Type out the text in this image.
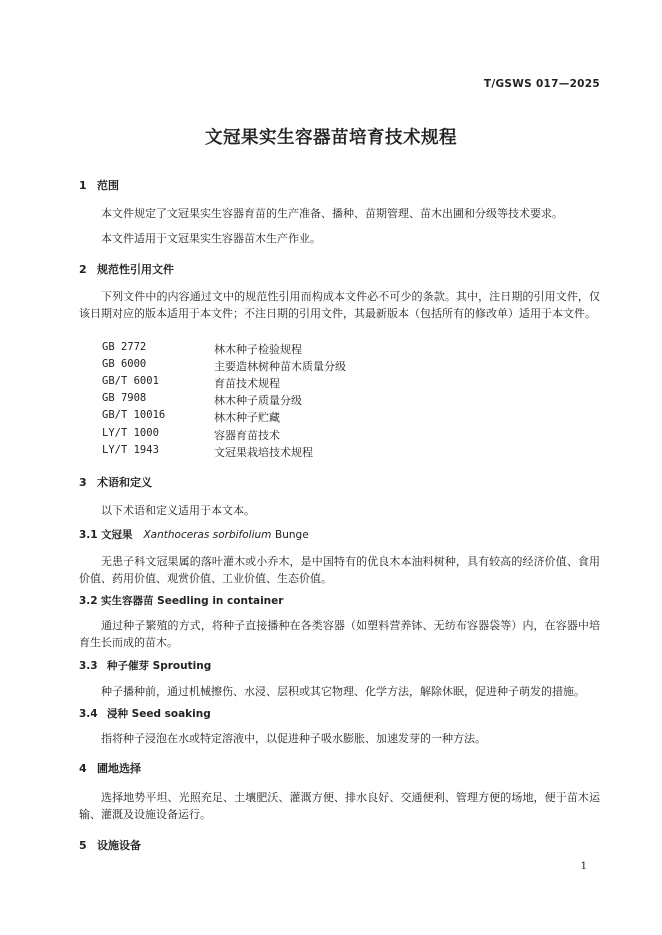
T/GSWS 017—2025
文冠果实生容器苗培育技术规程
1 范围
本文件规定了文冠果实生容器育苗的生产准备、播种、苗期管理、苗木出圃和分级等技术要求。
本文件适用于文冠果实生容器苗木生产作业。
2 规范性引用文件
下列文件中的内容通过文中的规范性引用而构成本文件必不可少的条款。其中，注日期的引用文件，仅该日期对应的版本适用于本文件；不注日期的引用文件，其最新版本（包括所有的修改单）适用于本文件。
GB 2772	林木种子检验规程
GB 6000	主要造林树种苗木质量分级
GB/T 6001	育苗技术规程
GB 7908	林木种子质量分级
GB/T 10016	林木种子贮藏
LY/T 1000	容器育苗技术
LY/T 1943	文冠果栽培技术规程
3 术语和定义
以下术语和定义适用于本文本。
3.1 文冠果 Xanthoceras sorbifolium Bunge
无患子科文冠果属的落叶灌木或小乔木，是中国特有的优良木本油料树种，具有较高的经济价值、食用价值、药用价值、观赏价值、工业价值、生态价值。
3.2 实生容器苗 Seedling in container
通过种子繁殖的方式，将种子直接播种在各类容器（如塑料营养钵、无纺布容器袋等）内，在容器中培育生长而成的苗木。
3.3 种子催芽 Sprouting
种子播种前，通过机械擦伤、水浸、层积或其它物理、化学方法，解除休眠，促进种子萌发的措施。
3.4 浸种 Seed soaking
指将种子浸泡在水或特定溶液中，以促进种子吸水膨胀、加速发芽的一种方法。
4 圃地选择
选择地势平坦、光照充足、土壤肥沃、灌溉方便、排水良好、交通便利、管理方便的场地，便于苗木运输、灌溉及设施设备运行。
5 设施设备
1
